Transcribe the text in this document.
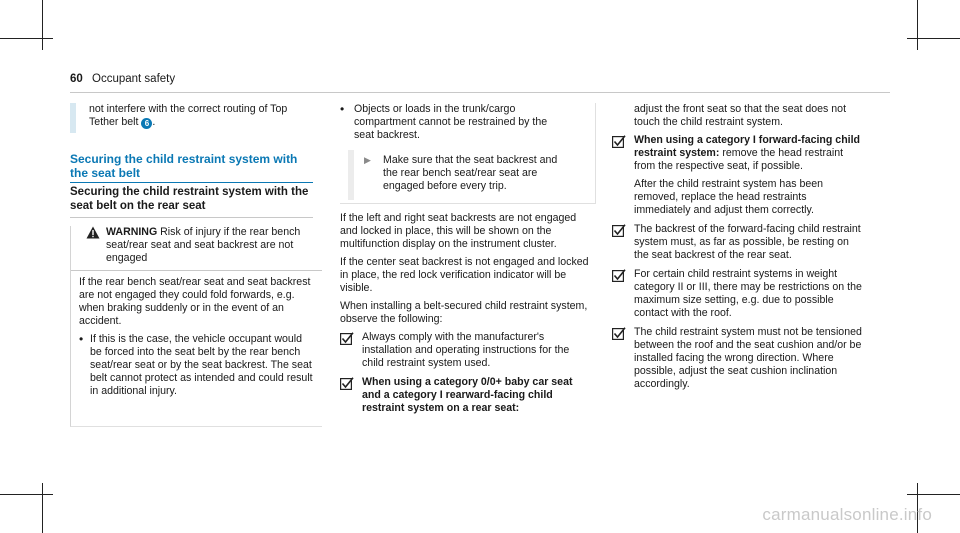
60 Occupant safety

not interfere with the correct routing of Top Tether belt 6 .

Securing the child restraint system with the seat belt
Securing the child restraint system with the seat belt on the rear seat
WARNING Risk of injury if the rear bench seat/rear seat and seat backrest are not engaged

If the rear bench seat/rear seat and seat backrest are not engaged they could fold forwards, e.g. when braking suddenly or in the event of an accident.

• If this is the case, the vehicle occupant would be forced into the seat belt by the rear bench seat/rear seat or by the seat backrest. The seat belt cannot protect as intended and could result in additional injury.
• Objects or loads in the trunk/cargo compartment cannot be restrained by the seat backrest.
▶	Make sure that the seat backrest and the rear bench seat/rear seat are engaged before every trip.

If the left and right seat backrests are not engaged and locked in place, this will be shown on the multifunction display on the instrument cluster.

If the center seat backrest is not engaged and locked in place, the red lock verification indicator will be visible.

When installing a belt-secured child restraint system, observe the following:

Always comply with the manufacturer's installation and operating instructions for the child restraint system used.
When using a category 0/0+ baby car seat and a category I rearward-facing child restraint system on a rear seat:

adjust the front seat so that the seat does not touch the child restraint system.

When using a category I forward-facing child restraint system: remove the head restraint from the respective seat, if possible.

After the child restraint system has been removed, replace the head restraints immediately and adjust them correctly.

The backrest of the forward-facing child restraint system must, as far as possible, be resting on the seat backrest of the rear seat.
For certain child restraint systems in weight category II or III, there may be restrictions on the maximum size setting, e.g. due to possible contact with the roof.
The child restraint system must not be tensioned between the roof and the seat cushion and/or be installed facing the wrong direction. Where possible, adjust the seat cushion inclination accordingly.
carmanualsonline.info
